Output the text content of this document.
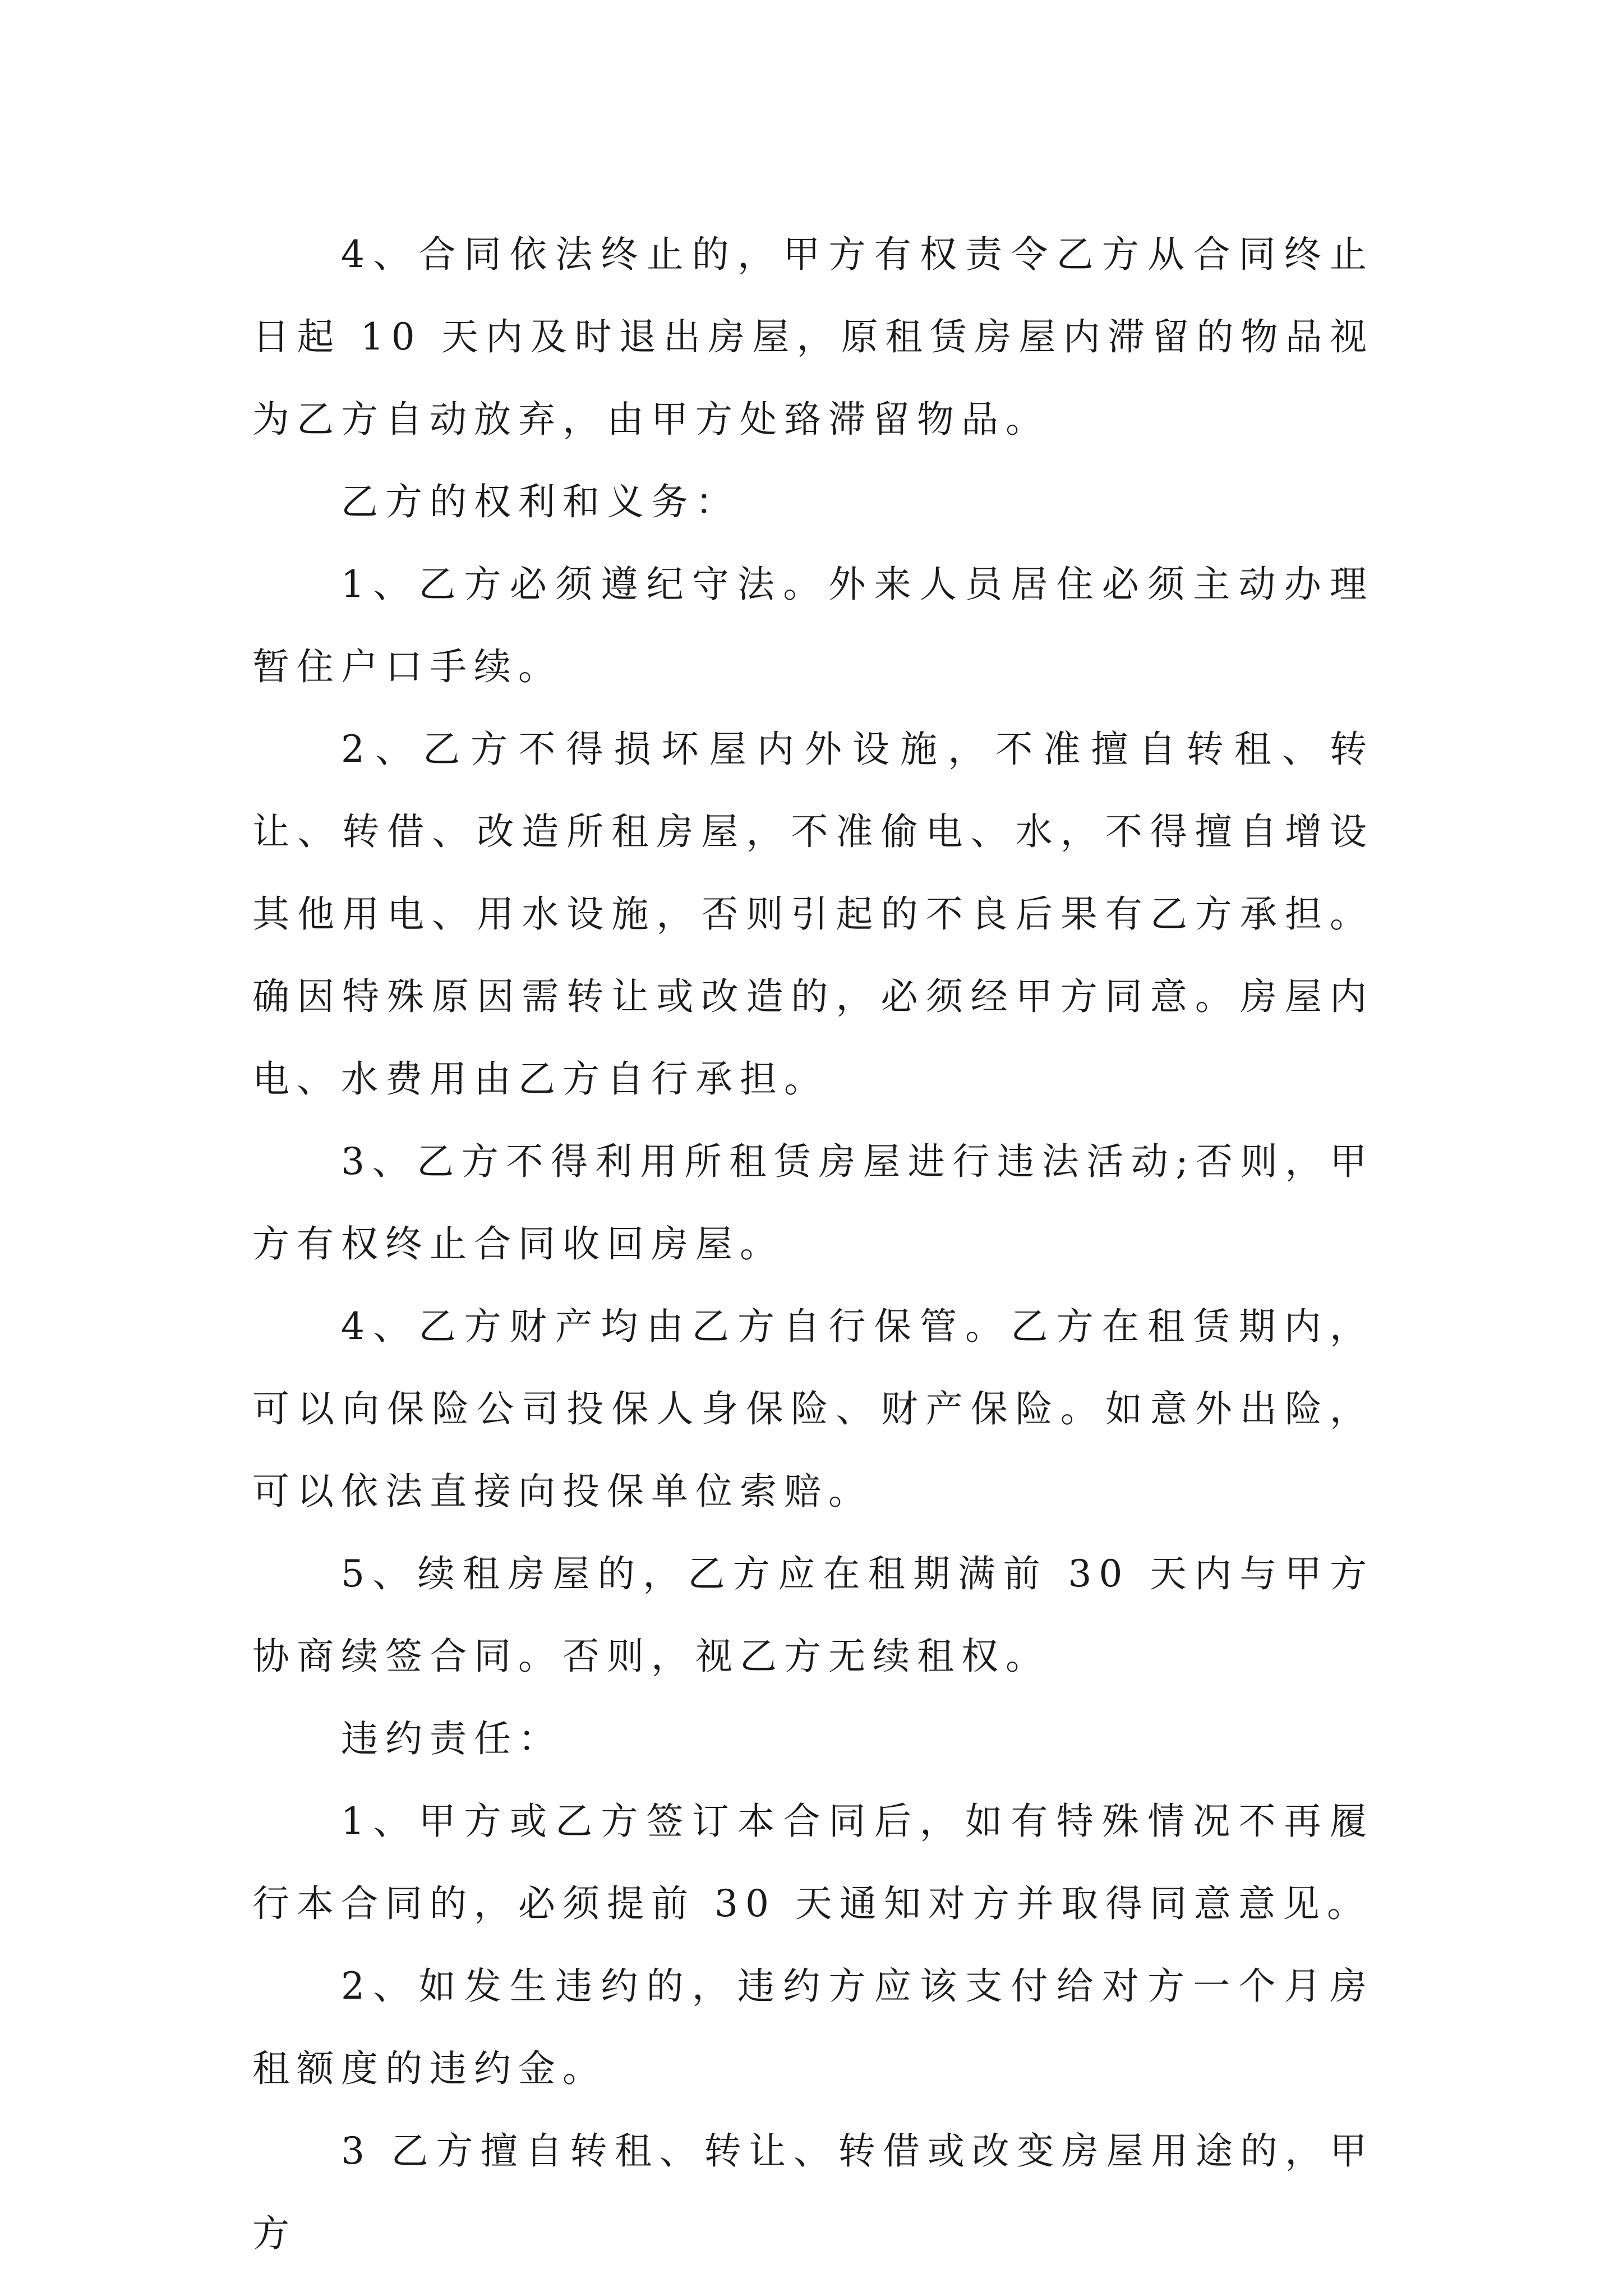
4、合同依法终止的，甲方有权责令乙方从合同终止日起 10 天内及时退出房屋，原租赁房屋内滞留的物品视为乙方自动放弃，由甲方处臵滞留物品。

乙方的权利和义务：

1、乙方必须遵纪守法。外来人员居住必须主动办理暂住户口手续。

2、乙方不得损坏屋内外设施，不准擅自转租、转让、转借、改造所租房屋，不准偷电、水，不得擅自增设其他用电、用水设施，否则引起的不良后果有乙方承担。确因特殊原因需转让或改造的，必须经甲方同意。房屋内电、水费用由乙方自行承担。

3、乙方不得利用所租赁房屋进行违法活动;否则，甲方有权终止合同收回房屋。

4、乙方财产均由乙方自行保管。乙方在租赁期内，可以向保险公司投保人身保险、财产保险。如意外出险，可以依法直接向投保单位索赔。

5、续租房屋的，乙方应在租期满前 30 天内与甲方协商续签合同。否则，视乙方无续租权。

违约责任：

1、甲方或乙方签订本合同后，如有特殊情况不再履行本合同的，必须提前 30 天通知对方并取得同意意见。

2、如发生违约的，违约方应该支付给对方一个月房租额度的违约金。

3 乙方擅自转租、转让、转借或改变房屋用途的，甲方
